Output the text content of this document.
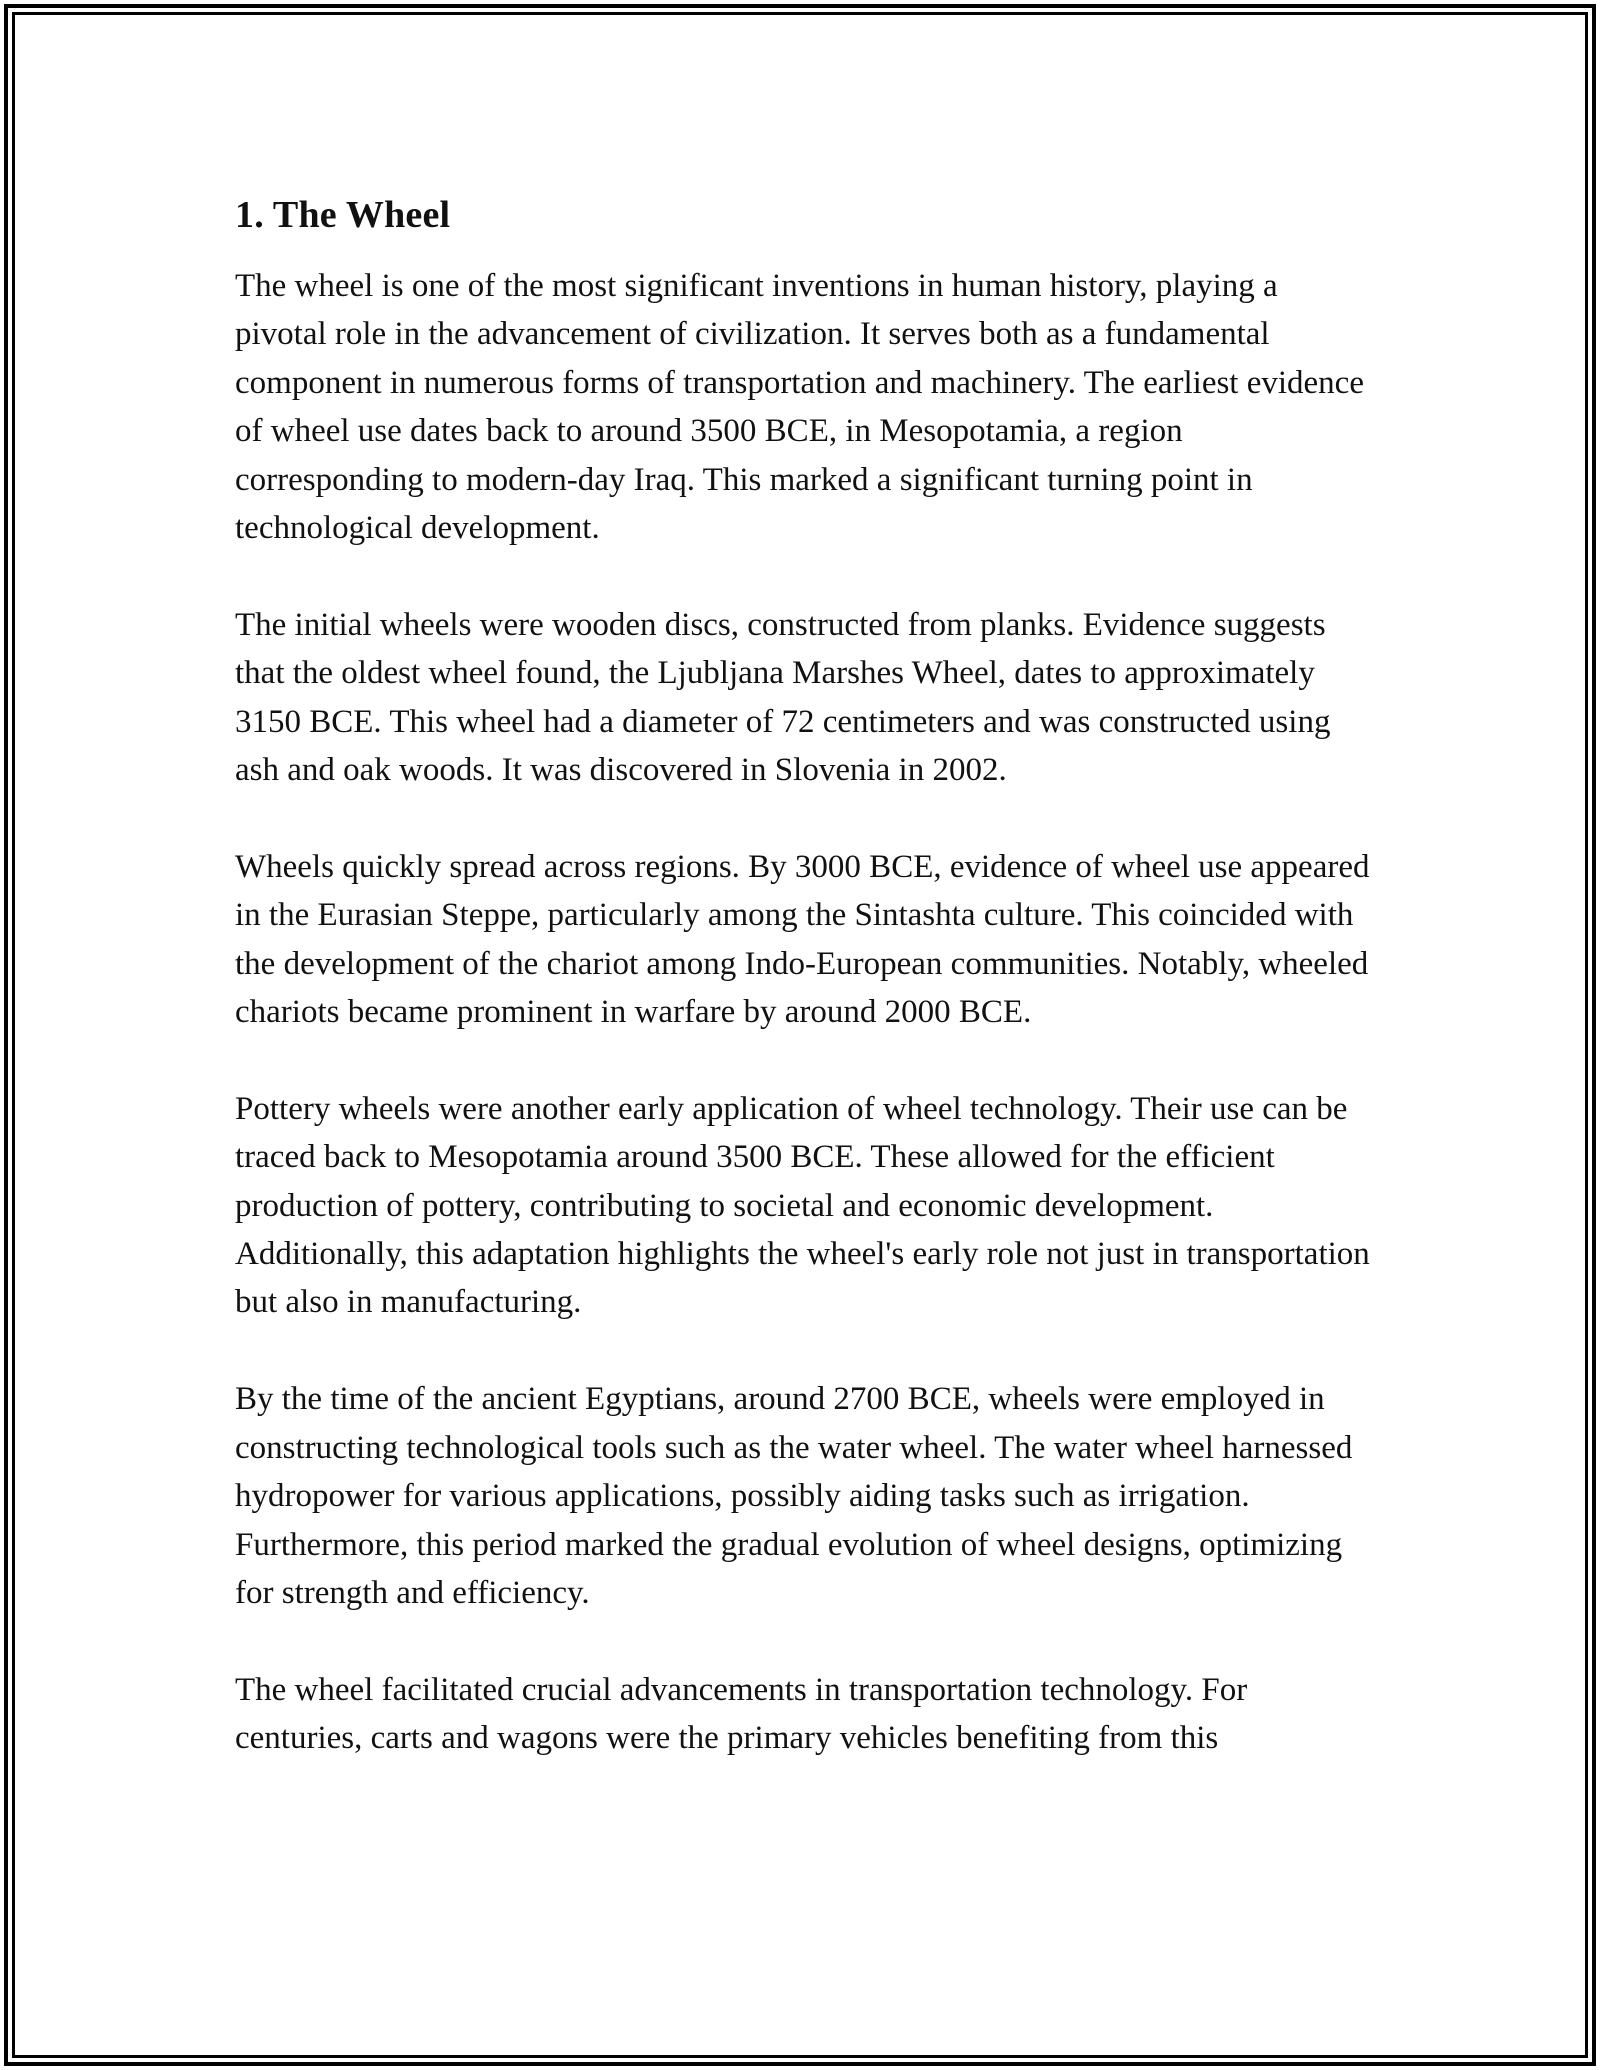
1. The Wheel

The wheel is one of the most significant inventions in human history, playing a pivotal role in the advancement of civilization. It serves both as a fundamental component in numerous forms of transportation and machinery. The earliest evidence of wheel use dates back to around 3500 BCE, in Mesopotamia, a region corresponding to modern-day Iraq. This marked a significant turning point in technological development.

The initial wheels were wooden discs, constructed from planks. Evidence suggests that the oldest wheel found, the Ljubljana Marshes Wheel, dates to approximately 3150 BCE. This wheel had a diameter of 72 centimeters and was constructed using ash and oak woods. It was discovered in Slovenia in 2002.

Wheels quickly spread across regions. By 3000 BCE, evidence of wheel use appeared in the Eurasian Steppe, particularly among the Sintashta culture. This coincided with the development of the chariot among Indo-European communities. Notably, wheeled chariots became prominent in warfare by around 2000 BCE.

Pottery wheels were another early application of wheel technology. Their use can be traced back to Mesopotamia around 3500 BCE. These allowed for the efficient production of pottery, contributing to societal and economic development. Additionally, this adaptation highlights the wheel's early role not just in transportation but also in manufacturing.

By the time of the ancient Egyptians, around 2700 BCE, wheels were employed in constructing technological tools such as the water wheel. The water wheel harnessed hydropower for various applications, possibly aiding tasks such as irrigation. Furthermore, this period marked the gradual evolution of wheel designs, optimizing for strength and efficiency.

The wheel facilitated crucial advancements in transportation technology. For centuries, carts and wagons were the primary vehicles benefiting from this
